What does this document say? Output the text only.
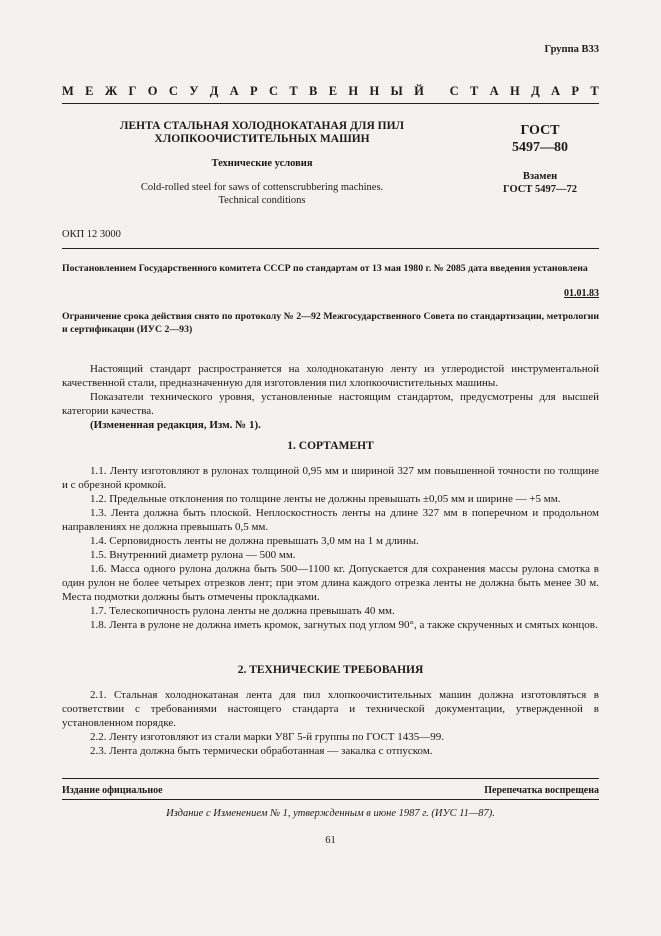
Группа В33
М Е Ж Г О С У Д А Р С Т В Е Н Н Ы Й
С Т А Н Д А Р Т
ЛЕНТА СТАЛЬНАЯ ХОЛОДНОКАТАНАЯ ДЛЯ ПИЛ
ХЛОПКООЧИСТИТЕЛЬНЫХ МАШИН
Технические условия
Cold-rolled steel for saws of cottenscrubbering machines.
Technical conditions
ГОСТ
5497—80
Взамен
ГОСТ 5497—72
ОКП 12 3000
Постановлением Государственного комитета СССР по стандартам от 13 мая 1980 г. № 2085 дата введения установлена
01.01.83
Ограничение срока действия снято по протоколу № 2—92 Межгосударственного Совета по стандартизации, метрологии и сертификации (ИУС 2—93)

Настоящий стандарт распространяется на холоднокатаную ленту из углеродистой инструментальной качественной стали, предназначенную для изготовления пил хлопкоочистительных машины.

Показатели технического уровня, установленные настоящим стандартом, предусмотрены для высшей категории качества.

(Измененная редакция, Изм. № 1).

1. СОРТАМЕНТ

1.1. Ленту изготовляют в рулонах толщиной 0,95 мм и шириной 327 мм повышенной точности по толщине и с обрезной кромкой.

1.2. Предельные отклонения по толщине ленты не должны превышать ±0,05 мм и ширине — +5 мм.

1.3. Лента должна быть плоской. Неплоскостность ленты на длине 327 мм в поперечном и продольном направлениях не должна превышать 0,5 мм.

1.4. Серповидность ленты не должна превышать 3,0 мм на 1 м длины.

1.5. Внутренний диаметр рулона — 500 мм.

1.6. Масса одного рулона должна быть 500—1100 кг. Допускается для сохранения массы рулона смотка в один рулон не более четырех отрезков лент; при этом длина каждого отрезка ленты не должна быть менее 30 м. Места подмотки должны быть отмечены прокладками.

1.7. Телескопичность рулона ленты не должна превышать 40 мм.

1.8. Лента в рулоне не должна иметь кромок, загнутых под углом 90°, а также скрученных и смятых концов.

2. ТЕХНИЧЕСКИЕ ТРЕБОВАНИЯ

2.1. Стальная холоднокатаная лента для пил хлопкоочистительных машин должна изготовляться в соответствии с требованиями настоящего стандарта и технической документации, утвержденной в установленном порядке.

2.2. Ленту изготовляют из стали марки У8Г 5-й группы по ГОСТ 1435—99.

2.3. Лента должна быть термически обработанная — закалка с отпуском.

Издание официальное	Перепечатка воспрещена
Издание с Изменением № 1, утвержденным в июне 1987 г. (ИУС 11—87).
61
